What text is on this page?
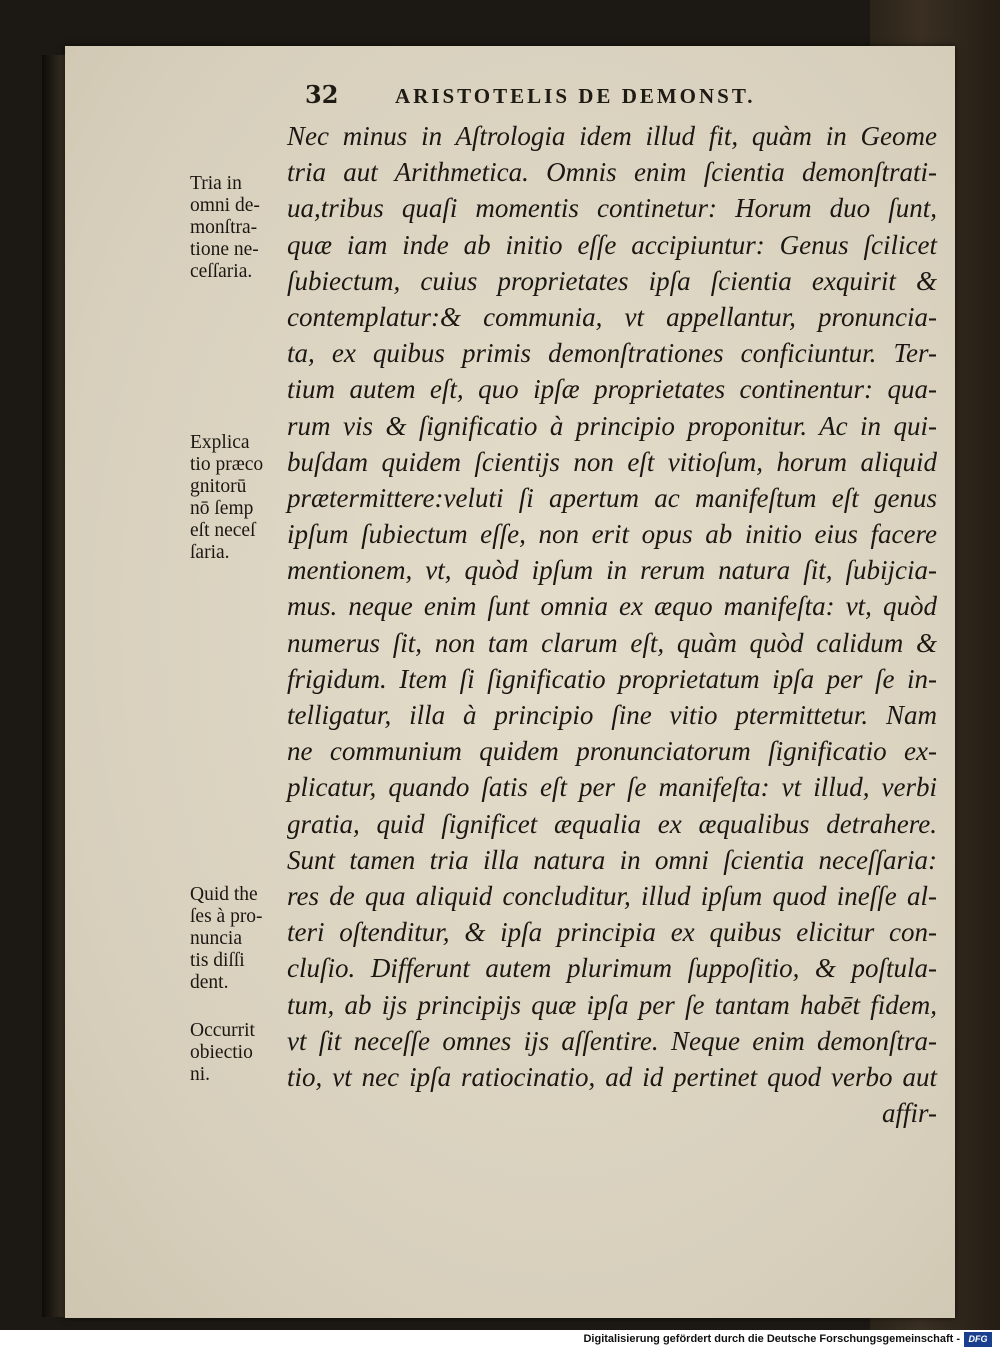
32	ARISTOTELIS DE DEMONST.
Nec minus in Aſtrologia idem illud fit, quàm in Geome
tria aut Arithmetica. Omnis enim ſcientia demonſtrati-
ua,tribus quaſi momentis continetur: Horum duo ſunt,
quæ iam inde ab initio eſſe accipiuntur: Genus ſcilicet
ſubiectum, cuius proprietates ipſa ſcientia exquirit &
contemplatur:& communia, vt appellantur, pronuncia-
ta, ex quibus primis demonſtrationes conficiuntur. Ter-
tium autem eſt, quo ipſæ proprietates continentur: qua-
rum vis & ſignificatio à principio proponitur. Ac in qui-
buſdam quidem ſcientijs non eſt vitioſum, horum aliquid
prætermittere:veluti ſi apertum ac manifeſtum eſt genus
ipſum ſubiectum eſſe, non erit opus ab initio eius facere
mentionem, vt, quòd ipſum in rerum natura ſit, ſubijcia-
mus. neque enim ſunt omnia ex æquo manifeſta: vt, quòd
numerus ſit, non tam clarum eſt, quàm quòd calidum &
frigidum. Item ſi ſignificatio proprietatum ipſa per ſe in-
telligatur, illa à principio ſine vitio ptermittetur. Nam
ne communium quidem pronunciatorum ſignificatio ex-
plicatur, quando ſatis eſt per ſe manifeſta: vt illud, verbi
gratia, quid ſignificet æqualia ex æqualibus detrahere.
Sunt tamen tria illa natura in omni ſcientia neceſſaria:
res de qua aliquid concluditur, illud ipſum quod ineſſe al-
teri oſtenditur, & ipſa principia ex quibus elicitur con-
cluſio. Differunt autem plurimum ſuppoſitio, & poſtula-
tum, ab ijs principijs quæ ipſa per ſe tantam habēt fidem,
vt ſit neceſſe omnes ijs aſſentire. Neque enim demonſtra-
tio, vt nec ipſa ratiocinatio, ad id pertinet quod verbo aut
affir-
Tria in
omni de-
monſtra-
tione ne-
ceſſaria.
Explica
tio præco
gnitorū
nō ſemp
eſt neceſ
ſaria.
Quid the
ſes à pro-
nuncia
tis diſſi
dent.
Occurrit
obiectio
ni.
Digitalisierung gefördert durch die Deutsche Forschungsgemeinschaft - DFG
